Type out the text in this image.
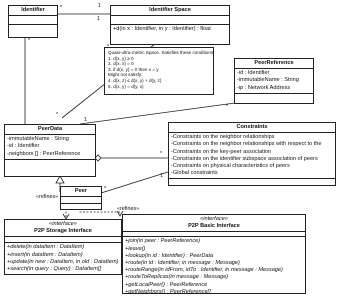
Identifier	Identifier Space
+d(in x : Identifier, in y : Identifier) : float
Quasi-ultra-metric Space. Satisfies these conditions:
1. d(x, y) ≥ 0
2. d(x, x) = 0
3. if d(x, y) = 0 then x = y
Might not satisfy:
4. d(x, z) ≤ d(x, y) + d(y, z)
5. d(x, y) = d(y, x)
PeerReference
-id : Identifier
-immutableName : String
-ip : Network Address
PeerData
-immutableName : String
-id : Identifier
-neighbors [] : PeerReference
Constraints
-Constraints on the neighbor relationships
-Constraints on the neighbor relationships with respect to the
-Constraints on the key-peer association
-Constraints on the identifier subspace association of peers
-Constraints on physical characteristics of peers
-Global constraints
Peer
«interface»
P2P Storage Interface
+delete(in dataItem : DataItem)
+insert(in dataItem : DataItem)
+update(in new : DataItem, in old : DataItem)
+search(in query : Query) : DataItem[]
«interface»
P2P Basic Interface
+join(in peer : PeerReference)
+leave()
+lookup(in id : Identifier) : PeerData
+route(in id : Identifier, in message : Message)
+routeRange(in idFrom, idTo : Identifier, in message : Message)
+routeToReplicas(in message : Message)
+getLocalPeer() : PeerReference
+getNeighbors() : PeerReference[]
*
1
1
*
*
*
1
*
1
*
«refines»
«refines»
